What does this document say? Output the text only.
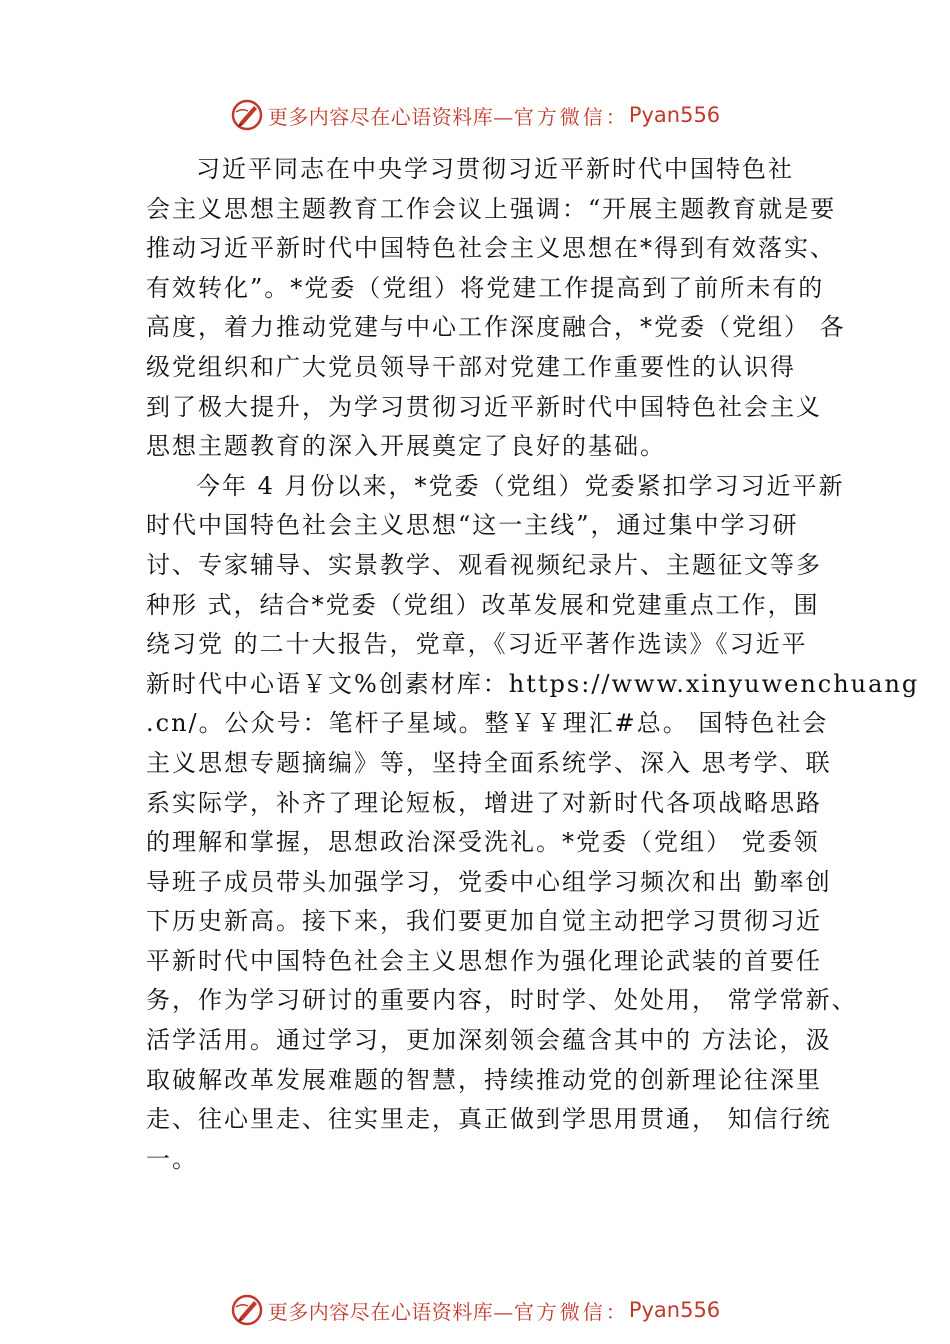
更多内容尽在心语资料库— 官方微信： Pyan556
习近平同志在中央学习贯彻习近平新时代中国特色社
会主义思想主题教育工作会议上强调：“开展主题教育就是要
推动习近平新时代中国特色社会主义思想在*得到有效落实、
有效转化”。*党委（党组）将党建工作提高到了前所未有的
高度，着力推动党建与中心工作深度融合，*党委（党组） 各
级党组织和广大党员领导干部对党建工作重要性的认识得
到了极大提升，为学习贯彻习近平新时代中国特色社会主义
思想主题教育的深入开展奠定了良好的基础。
今年 4 月份以来，*党委（党组）党委紧扣学习习近平新
时代中国特色社会主义思想“这一主线”，通过集中学习研
讨、专家辅导、实景教学、观看视频纪录片、主题征文等多
种形 式，结合*党委（党组）改革发展和党建重点工作，围
绕习党 的二十大报告，党章，《习近平著作选读》《习近平
新时代中心语￥文%创素材库：https://www.xinyuwenchuang
.cn/。公众号：笔杆子星域。整￥￥理汇#总。 国特色社会
主义思想专题摘编》等，坚持全面系统学、深入 思考学、联
系实际学，补齐了理论短板，增进了对新时代各项战略思路
的理解和掌握，思想政治深受洗礼。*党委（党组） 党委领
导班子成员带头加强学习，党委中心组学习频次和出 勤率创
下历史新高。接下来，我们要更加自觉主动把学习贯彻习近
平新时代中国特色社会主义思想作为强化理论武装的首要任
务，作为学习研讨的重要内容，时时学、处处用， 常学常新、
活学活用。通过学习，更加深刻领会蕴含其中的 方法论，汲
取破解改革发展难题的智慧，持续推动党的创新理论往深里
走、往心里走、往实里走，真正做到学思用贯通， 知信行统
一。
更多内容尽在心语资料库— 官方微信： Pyan556
